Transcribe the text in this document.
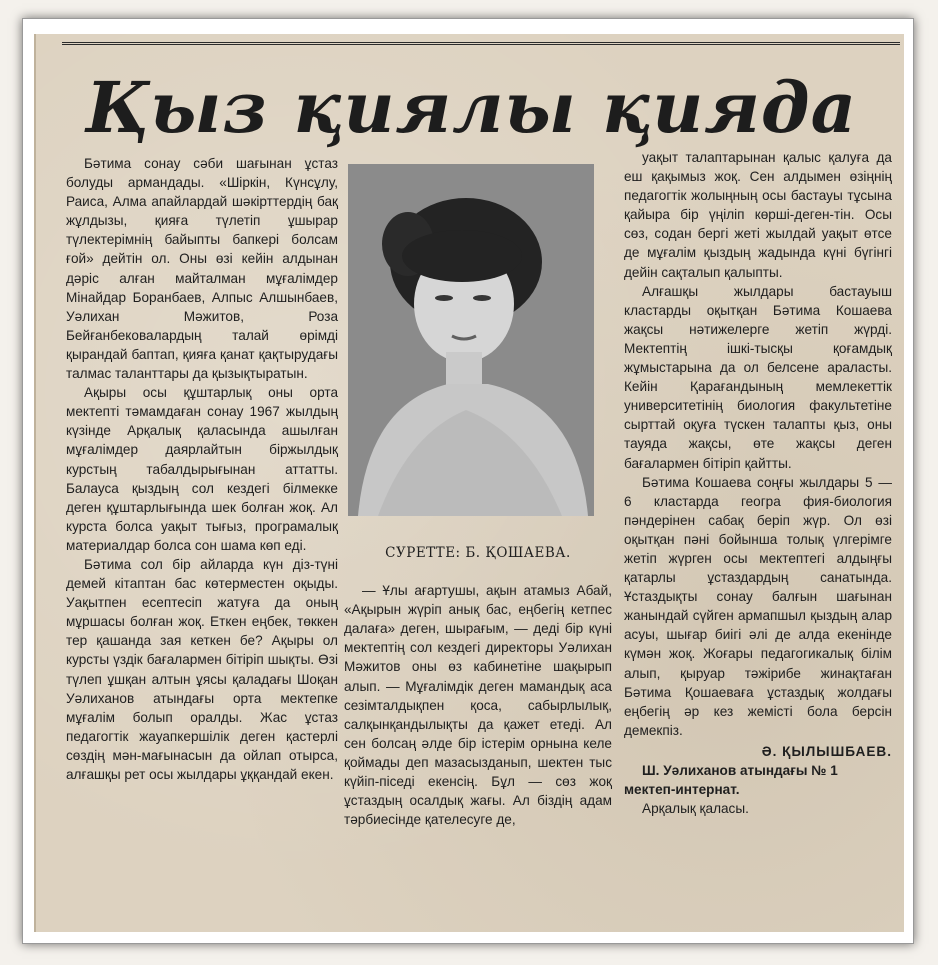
Қыз қиялы қияда

Бәтима сонау сәби шағынан ұстаз болуды армандады. «Шіркін, Күнсұлу, Раиса, Алма апайлардай шәкірттердің бақ жұлдызы, қияға түлетіп ұшырар түлектерімнің байыпты бапкері болсам ғой» дейтін ол. Оны өзі кейін алдынан дәріс алған майталман мұғалімдер Мінайдар Боранбаев, Алпыс Алшынбаев, Уәлихан Мәжитов, Роза Бейғанбековалардың талай өрімді қырандай баптап, қияға қанат қақтырудағы талмас таланттары да қызықтыратын.

Ақыры осы құштарлық оны орта мектепті тәмамдаған сонау 1967 жылдың күзінде Арқалық қаласында ашылған мұғалімдер даярлайтын біржылдық курстың табалдырығынан аттатты. Балауса қыздың сол кездегі білмекке деген құштарлығында шек болған жоқ. Ал курста болса уақыт тығыз, програмалық материалдар болса сон шама көп еді.

Бәтима сол бір айларда күн діз-түні демей кітаптан бас көтерместен оқыды. Уақытпен есептесіп жатуға да оның мұршасы болған жоқ. Еткен еңбек, төккен тер қашанда зая кеткен бе? Ақыры ол курсты үздік бағалармен бітіріп шықты. Өзі түлеп ұшқан алтын ұясы қаладағы Шоқан Уәлиханов атындағы орта мектепке мұғалім болып оралды. Жас ұстаз педагогтік жауапкершілік деген қастерлі сөздің мән-мағынасын да ойлап отырса, алғашқы рет осы жылдары ұққандай екен.

СУРЕТТЕ: Б. ҚОШАЕВА.

— Ұлы ағартушы, ақын атамыз Абай, «Ақырын жүріп анық бас, еңбегің кетпес далаға» деген, шырағым, — деді бір күні мектептің сол кездегі директоры Уәлихан Мәжитов оны өз кабинетіне шақырып алып. — Мұғалімдік деген мамандық аса сезімталдықпен қоса, сабырлылық, салқынқандылықты да қажет етеді. Ал сен болсаң әлде бір істерім орнына келе қоймады деп мазасызданып, шектен тыс күйіп-піседі екенсің. Бұл — сөз жоқ ұстаздың осалдық жағы. Ал біздің адам тәрбиесінде қателесуге де,

уақыт талаптарынан қалыс қалуға да еш қақымыз жоқ. Сен алдымен өзіңнің педагогтік жолыңның осы бастауы тұсына қайыра бір үңіліп көрші-деген-тін. Осы сөз, содан бергі жеті жылдай уақыт өтсе де мұғалім қыздың жадында күні бүгінгі дейін сақталып қалыпты.

Алғашқы жылдары бастауыш кластарды оқытқан Бәтима Кошаева жақсы нәтижелерге жетіп жүрді. Мектептің ішкі-тысқы қоғамдық жұмыстарына да ол белсене араласты. Кейін Қарағандының мемлекеттік университетінің биология факультетіне сырттай оқуға түскен талапты қыз, оны тауяда жақсы, өте жақсы деген бағалармен бітіріп қайтты.

Бәтима Кошаева соңғы жылдары 5 — 6 кластарда геогра фия-биология пәндерінен сабақ беріп жүр. Ол өзі оқытқан пәні бойынша толық үлгерімге жетіп жүрген осы мектептегі алдыңғы қатарлы ұстаздардың санатында. Ұстаздықты сонау балғын шағынан жанындай сүйген армапшыл қыздың алар асуы, шығар биігі әлі де алда екенінде күмән жоқ. Жоғары педагогикалық білім алып, қыруар тәжірибе жинақтаған Бәтима Қошаеваға ұстаздық жолдағы еңбегің әр кез жемісті бола берсін демекпіз.

Ә. ҚЫЛЫШБАЕВ.

Ш. Уәлиханов атындағы № 1

мектеп-интернат.

Арқалық қаласы.
